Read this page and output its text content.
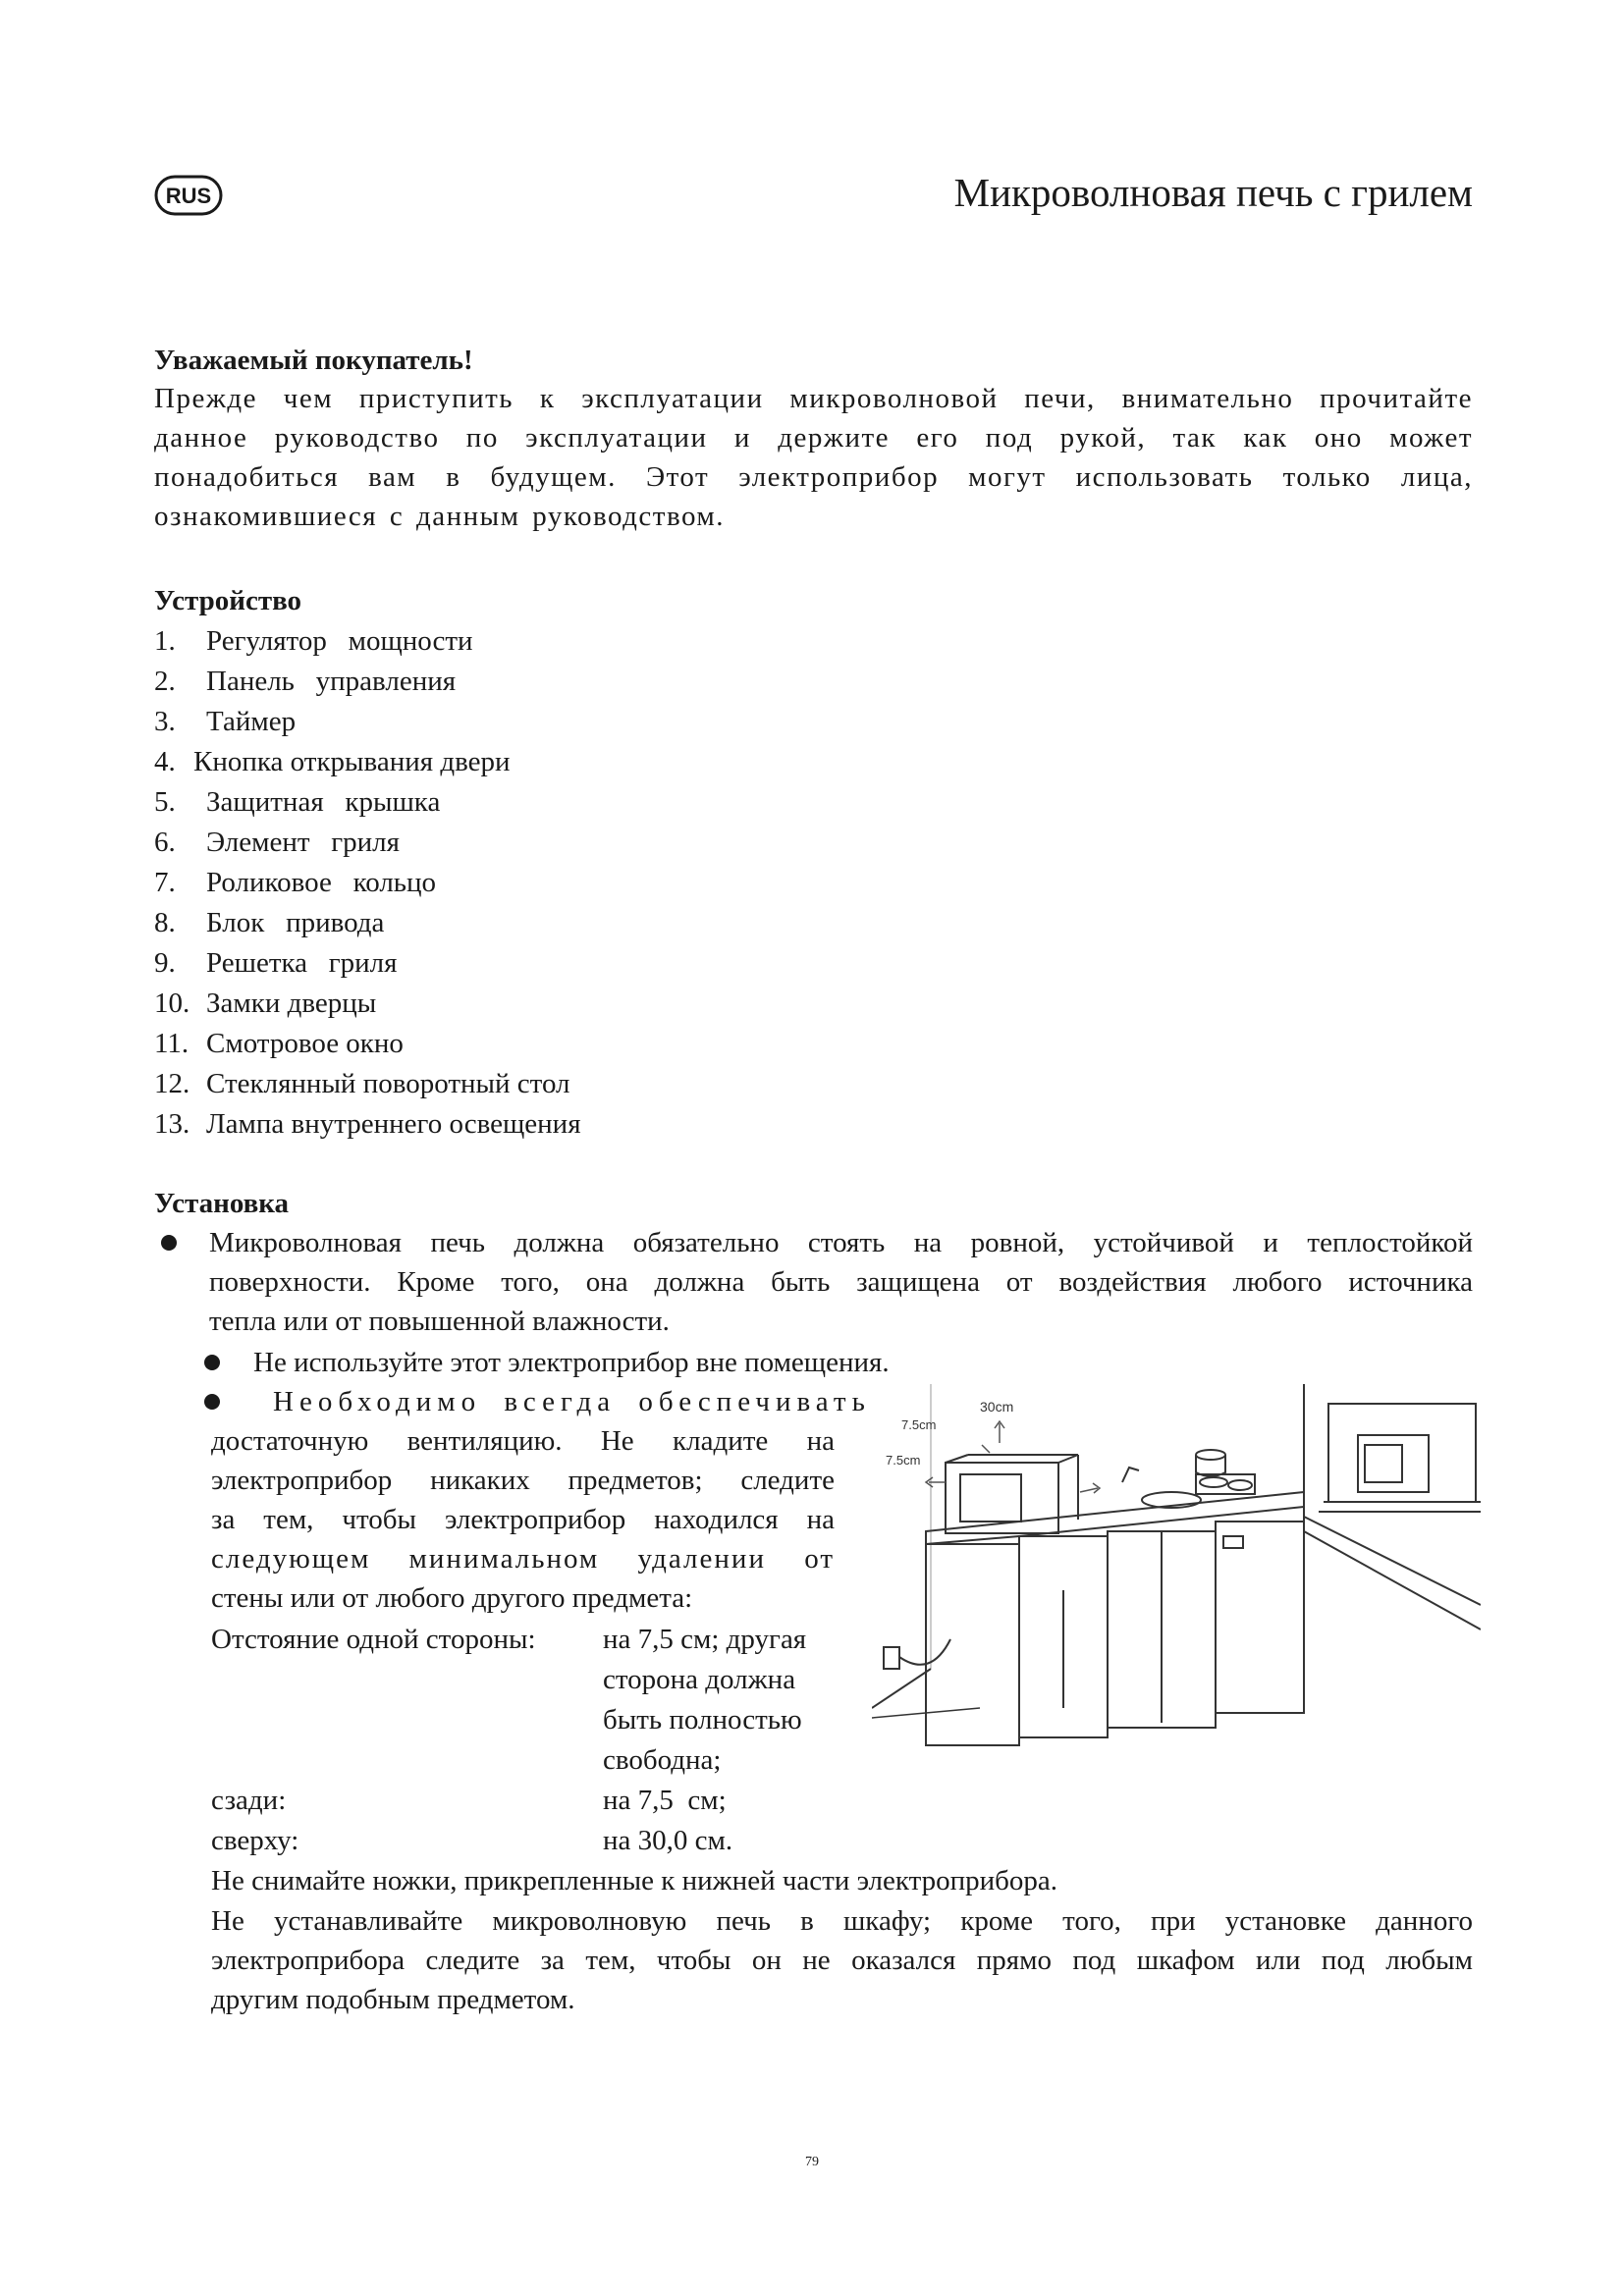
RUS	Микроволновая печь с грилем
Уважаемый покупатель!
Прежде чем приступить к эксплуатации микроволновой печи, внимательно прочитайте
данное руководство по эксплуатации и держите его под рукой, так как оно может
понадобиться вам в будущем. Этот электроприбор могут использовать только лица,
ознакомившиеся с данным руководством.
Устройство
1. Регулятор   мощности
2. Панель   управления
3. Таймер
4. Кнопка открывания двери
5. Защитная   крышка
6. Элемент   гриля
7. Роликовое   кольцо
8. Блок   привода
9. Решетка   гриля
10. Замки дверцы
11. Смотровое окно
12. Стеклянный поворотный стол
13. Лампа внутреннего освещения
Установка
Микроволновая печь должна обязательно стоять на ровной, устойчивой и теплостойкой
поверхности. Кроме того, она должна быть защищена от воздействия любого источника
тепла или от повышенной влажности.
Не используйте этот электроприбор вне помещения.
Необходимо всегда обеспечивать
достаточную вентиляцию. Не кладите на
электроприбор никаких предметов; следите
за тем, чтобы электроприбор находился на
следующем минимальном удалении от
стены или от любого другого предмета:
Отстояние одной стороны: на 7,5 см; другая
сторона должна
быть полностью
свободна;
сзади:	на 7,5  см;
сверху:	на 30,0 см.
Не снимайте ножки, прикрепленные к нижней части электроприбора.
Не устанавливайте микроволновую печь в шкафу; кроме того, при установке данного
электроприбора следите за тем, чтобы он не оказался прямо под шкафом или под любым
другим подобным предметом.
30cm
7.5cm
7.5cm
79
